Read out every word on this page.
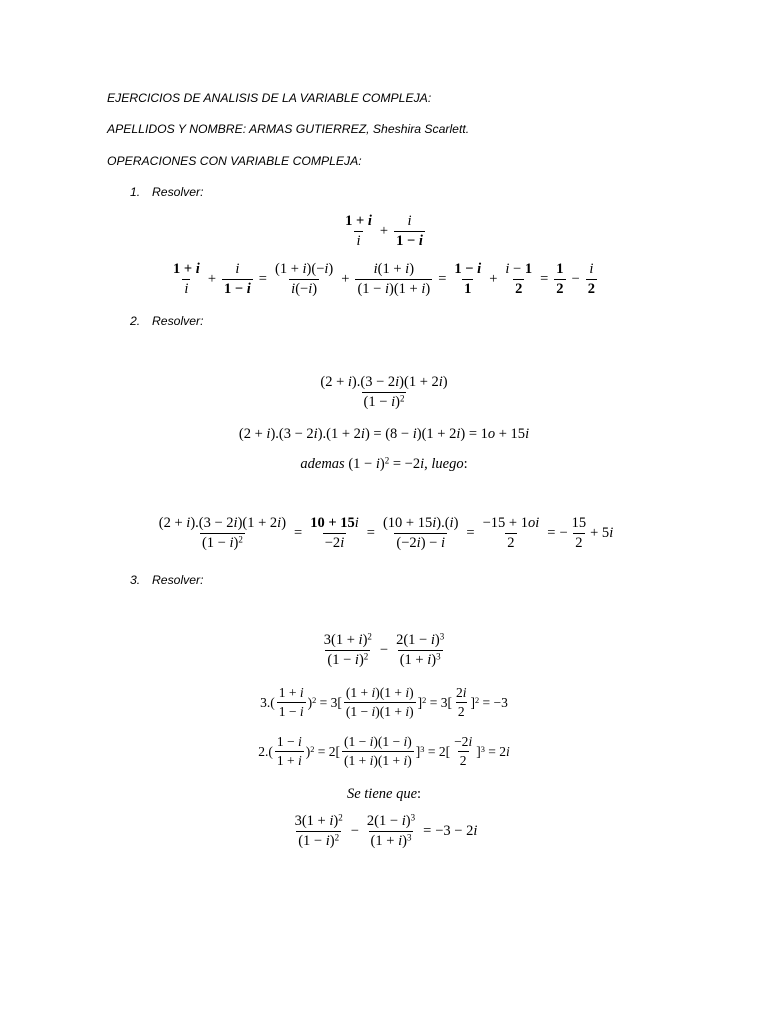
EJERCICIOS DE ANALISIS DE LA VARIABLE COMPLEJA:
APELLIDOS Y NOMBRE: ARMAS GUTIERREZ, Sheshira Scarlett.
OPERACIONES CON VARIABLE COMPLEJA:
1. Resolver:
$\frac{1 + i}{i} + \frac{i}{1 - i}$
$\frac{1 + i}{i} + \frac{i}{1 - i} = \frac{(1 + i)(-i)}{i(-i)} + \frac{i(1 + i)}{(1 - i)(1 + i)} = \frac{1 - i}{1} + \frac{i - 1}{2} = \frac{1}{2} - \frac{i}{2}$
2. Resolver:
$\frac{(2 + i).(3 - 2i)(1 + 2i)}{(1 - i)^2}$
(2 + i).(3 − 2i).(1 + 2i) = (8 − i)(1 + 2i) = 1o + 15i
ademas $(1 - i)^2 = -2i$, luego:
$\frac{(2 + i).(3 - 2i)(1 + 2i)}{(1 - i)^2} = \frac{10 + 15i}{-2i} = \frac{(10 + 15i).(i)}{(-2i) - i} = \frac{-15 + 1oi}{2}$ = − $\frac{15}{2} + 5$ i
3. Resolver:
$\frac{3(1 + i)^2}{(1 - i)^2} - \frac{2(1 - i)^3}{(1 + i)^3}$
$3.( \frac{1 + i}{1 - i} )^2 = 3[ \frac{(1 + i)(1 + i)}{(1 - i)(1 + i)} ]^2 = 3[ \frac{2i}{2} ]^2 = -3$
$2.( \frac{1 - i}{1 + i} )^2 = 2[ \frac{(1 - i)(1 - i)}{(1 + i)(1 + i)} ]^3 = 2[ \frac{-2i}{2} ]^3 = 2i$
Se tiene que:
$\frac{3(1 + i)^2}{(1 - i)^2} - \frac{2(1 - i)^3}{(1 + i)^3} = -3 - 2i$
